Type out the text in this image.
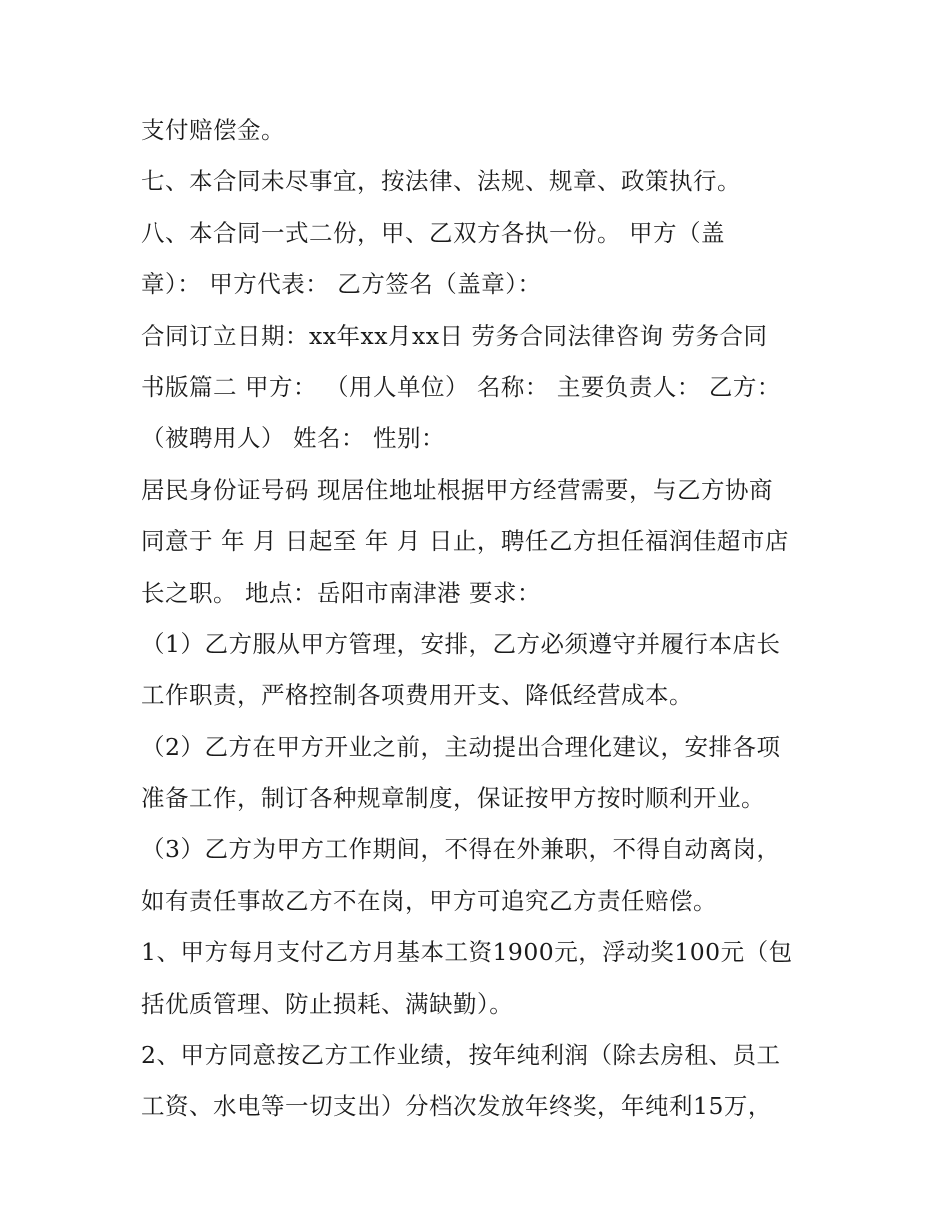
支付赔偿金。
七、本合同未尽事宜，按法律、法规、规章、政策执行。
八、本合同一式二份，甲、乙双方各执一份。 甲方（盖
章）： 甲方代表： 乙方签名（盖章）：
合同订立日期：xx年xx月xx日 劳务合同法律咨询 劳务合同
书版篇二 甲方： （用人单位） 名称： 主要负责人： 乙方：
（被聘用人） 姓名： 性别：
居民身份证号码 现居住地址根据甲方经营需要，与乙方协商
同意于 年 月 日起至 年 月 日止，聘任乙方担任福润佳超市店
长之职。 地点：岳阳市南津港 要求：
（1）乙方服从甲方管理，安排，乙方必须遵守并履行本店长
工作职责，严格控制各项费用开支、降低经营成本。
（2）乙方在甲方开业之前，主动提出合理化建议，安排各项
准备工作，制订各种规章制度，保证按甲方按时顺利开业。
（3）乙方为甲方工作期间，不得在外兼职，不得自动离岗，
如有责任事故乙方不在岗，甲方可追究乙方责任赔偿。
1、甲方每月支付乙方月基本工资1900元，浮动奖100元（包
括优质管理、防止损耗、满缺勤）。
2、甲方同意按乙方工作业绩，按年纯利润（除去房租、员工
工资、水电等一切支出）分档次发放年终奖，年纯利15万，
